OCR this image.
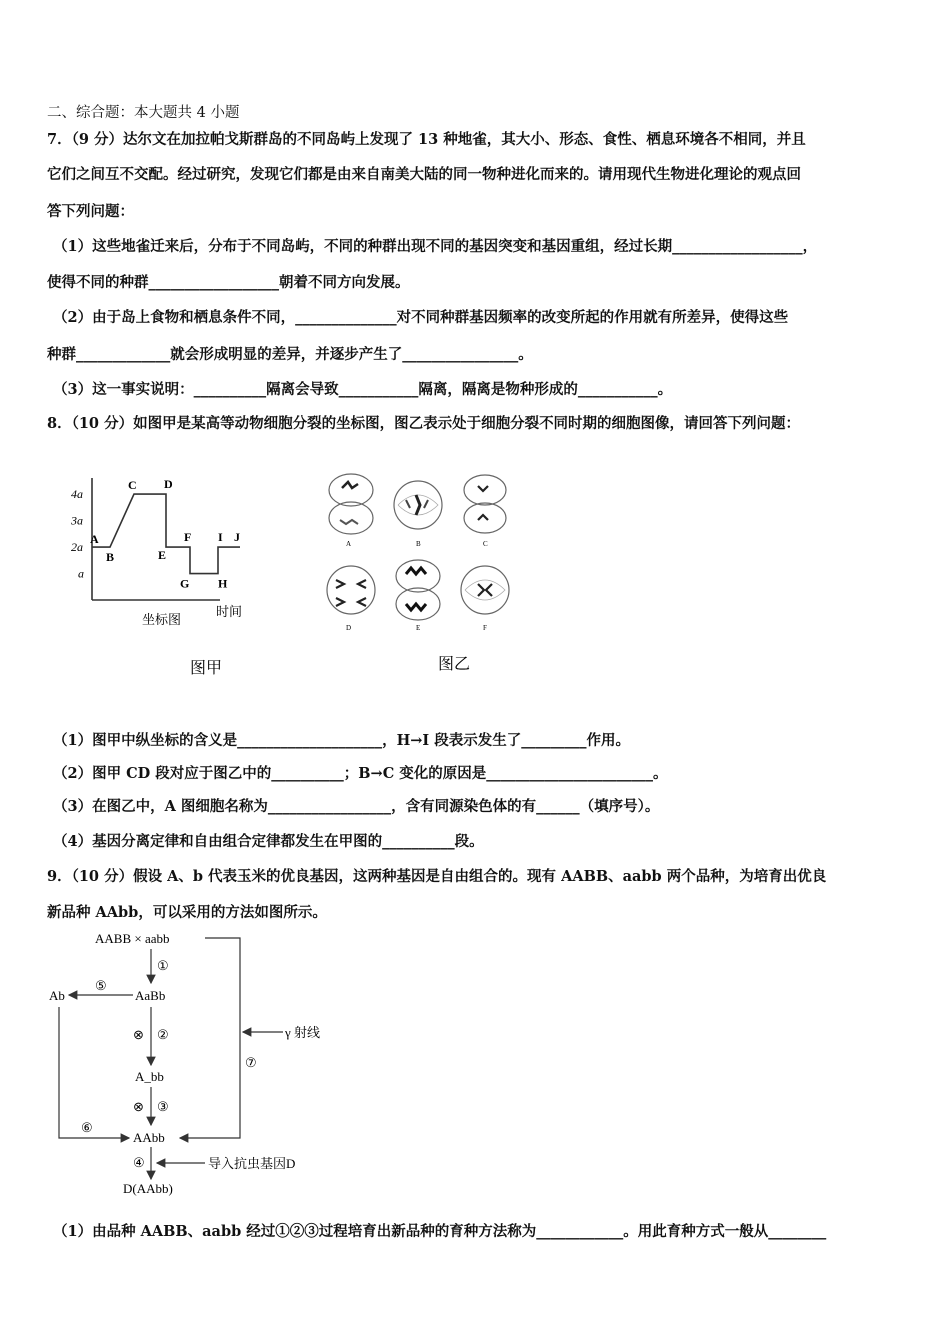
二、综合题：本大题共 4 小题
7．（9 分）达尔文在加拉帕戈斯群岛的不同岛屿上发现了 13 种地雀，其大小、形态、食性、栖息环境各不相同，并且
它们之间互不交配。经过研究，发现它们都是由来自南美大陆的同一物种进化而来的。请用现代生物进化理论的观点回
答下列问题：
（1）这些地雀迁来后，分布于不同岛屿，不同的种群出现不同的基因突变和基因重组，经过长期__________________，
使得不同的种群__________________朝着不同方向发展。
（2）由于岛上食物和栖息条件不同，______________对不同种群基因频率的改变所起的作用就有所差异，使得这些
种群_____________就会形成明显的差异，并逐步产生了________________。
（3）这一事实说明：__________隔离会导致___________隔离，隔离是物种形成的___________。
8．（10 分）如图甲是某高等动物细胞分裂的坐标图，图乙表示处于细胞分裂不同时期的细胞图像，请回答下列问题：
a
2a
3a
4a
A
B
C D
E
F
G H
I J
坐标图
时间
图甲
A	B	C
D	E	F
图乙
（1）图甲中纵坐标的含义是____________________，H→I 段表示发生了_________作用。
（2）图甲 CD 段对应于图乙中的__________；B→C 变化的原因是_______________________。
（3）在图乙中，A 图细胞名称为_________________，含有同源染色体的有______（填序号）。
（4）基因分离定律和自由组合定律都发生在甲图的__________段。
9．（10 分）假设 A、b 代表玉米的优良基因，这两种基因是自由组合的。现有 AABB、aabb 两个品种，为培育出优良
新品种 AAbb，可以采用的方法如图所示。
AABB × aabb
①
AaBb
⑤
Ab
⊗ ②	γ 射线
⑦
A_bb
⊗ ③
AAbb
⑥
④	导入抗虫基因D
D(AAbb)
（1）由品种 AABB、aabb 经过①②③过程培育出新品种的育种方法称为____________。用此育种方式一般从________
